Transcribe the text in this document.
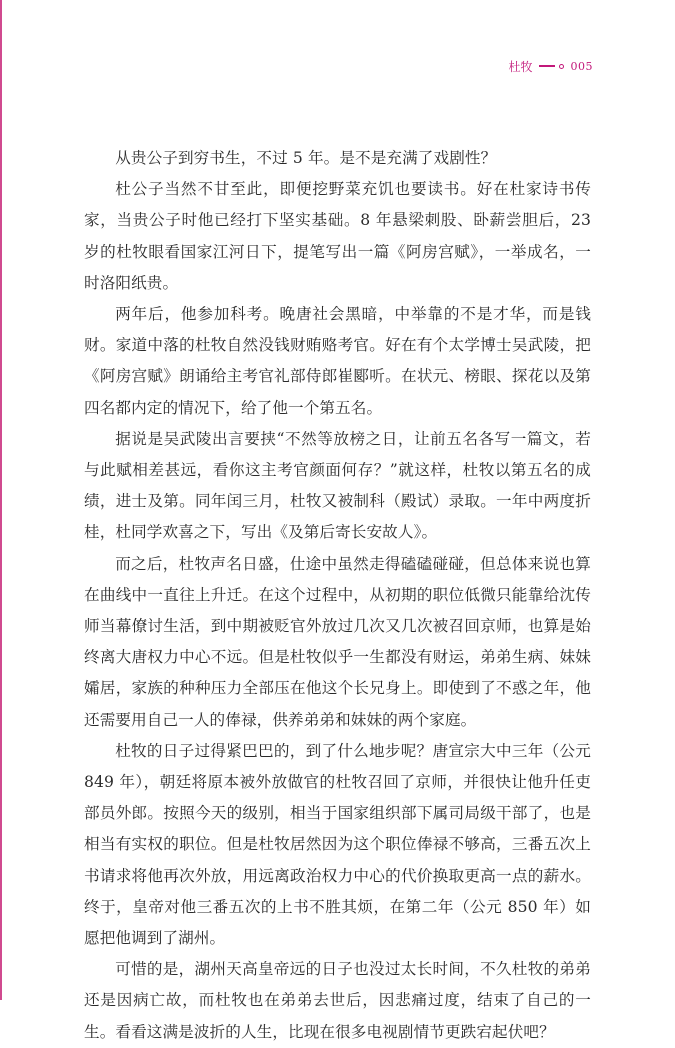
杜牧	005

从贵公子到穷书生，不过 5 年。是不是充满了戏剧性？

杜公子当然不甘至此，即便挖野菜充饥也要读书。好在杜家诗书传家，当贵公子时他已经打下坚实基础。8 年悬梁刺股、卧薪尝胆后，23 岁的杜牧眼看国家江河日下，提笔写出一篇《阿房宫赋》，一举成名，一时洛阳纸贵。

两年后，他参加科考。晚唐社会黑暗，中举靠的不是才华，而是钱财。家道中落的杜牧自然没钱财贿赂考官。好在有个太学博士吴武陵，把《阿房宫赋》朗诵给主考官礼部侍郎崔郾听。在状元、榜眼、探花以及第四名都内定的情况下，给了他一个第五名。

据说是吴武陵出言要挟“不然等放榜之日，让前五名各写一篇文，若与此赋相差甚远，看你这主考官颜面何存？”就这样，杜牧以第五名的成绩，进士及第。同年闰三月，杜牧又被制科（殿试）录取。一年中两度折桂，杜同学欢喜之下，写出《及第后寄长安故人》。

而之后，杜牧声名日盛，仕途中虽然走得磕磕碰碰，但总体来说也算在曲线中一直往上升迁。在这个过程中，从初期的职位低微只能靠给沈传师当幕僚讨生活，到中期被贬官外放过几次又几次被召回京师，也算是始终离大唐权力中心不远。但是杜牧似乎一生都没有财运，弟弟生病、妹妹孀居，家族的种种压力全部压在他这个长兄身上。即使到了不惑之年，他还需要用自己一人的俸禄，供养弟弟和妹妹的两个家庭。

杜牧的日子过得紧巴巴的，到了什么地步呢？唐宣宗大中三年（公元 849 年），朝廷将原本被外放做官的杜牧召回了京师，并很快让他升任吏部员外郎。按照今天的级别，相当于国家组织部下属司局级干部了，也是相当有实权的职位。但是杜牧居然因为这个职位俸禄不够高，三番五次上书请求将他再次外放，用远离政治权力中心的代价换取更高一点的薪水。终于，皇帝对他三番五次的上书不胜其烦，在第二年（公元 850 年）如愿把他调到了湖州。

可惜的是，湖州天高皇帝远的日子也没过太长时间，不久杜牧的弟弟还是因病亡故，而杜牧也在弟弟去世后，因悲痛过度，结束了自己的一生。看看这满是波折的人生，比现在很多电视剧情节更跌宕起伏吧？
